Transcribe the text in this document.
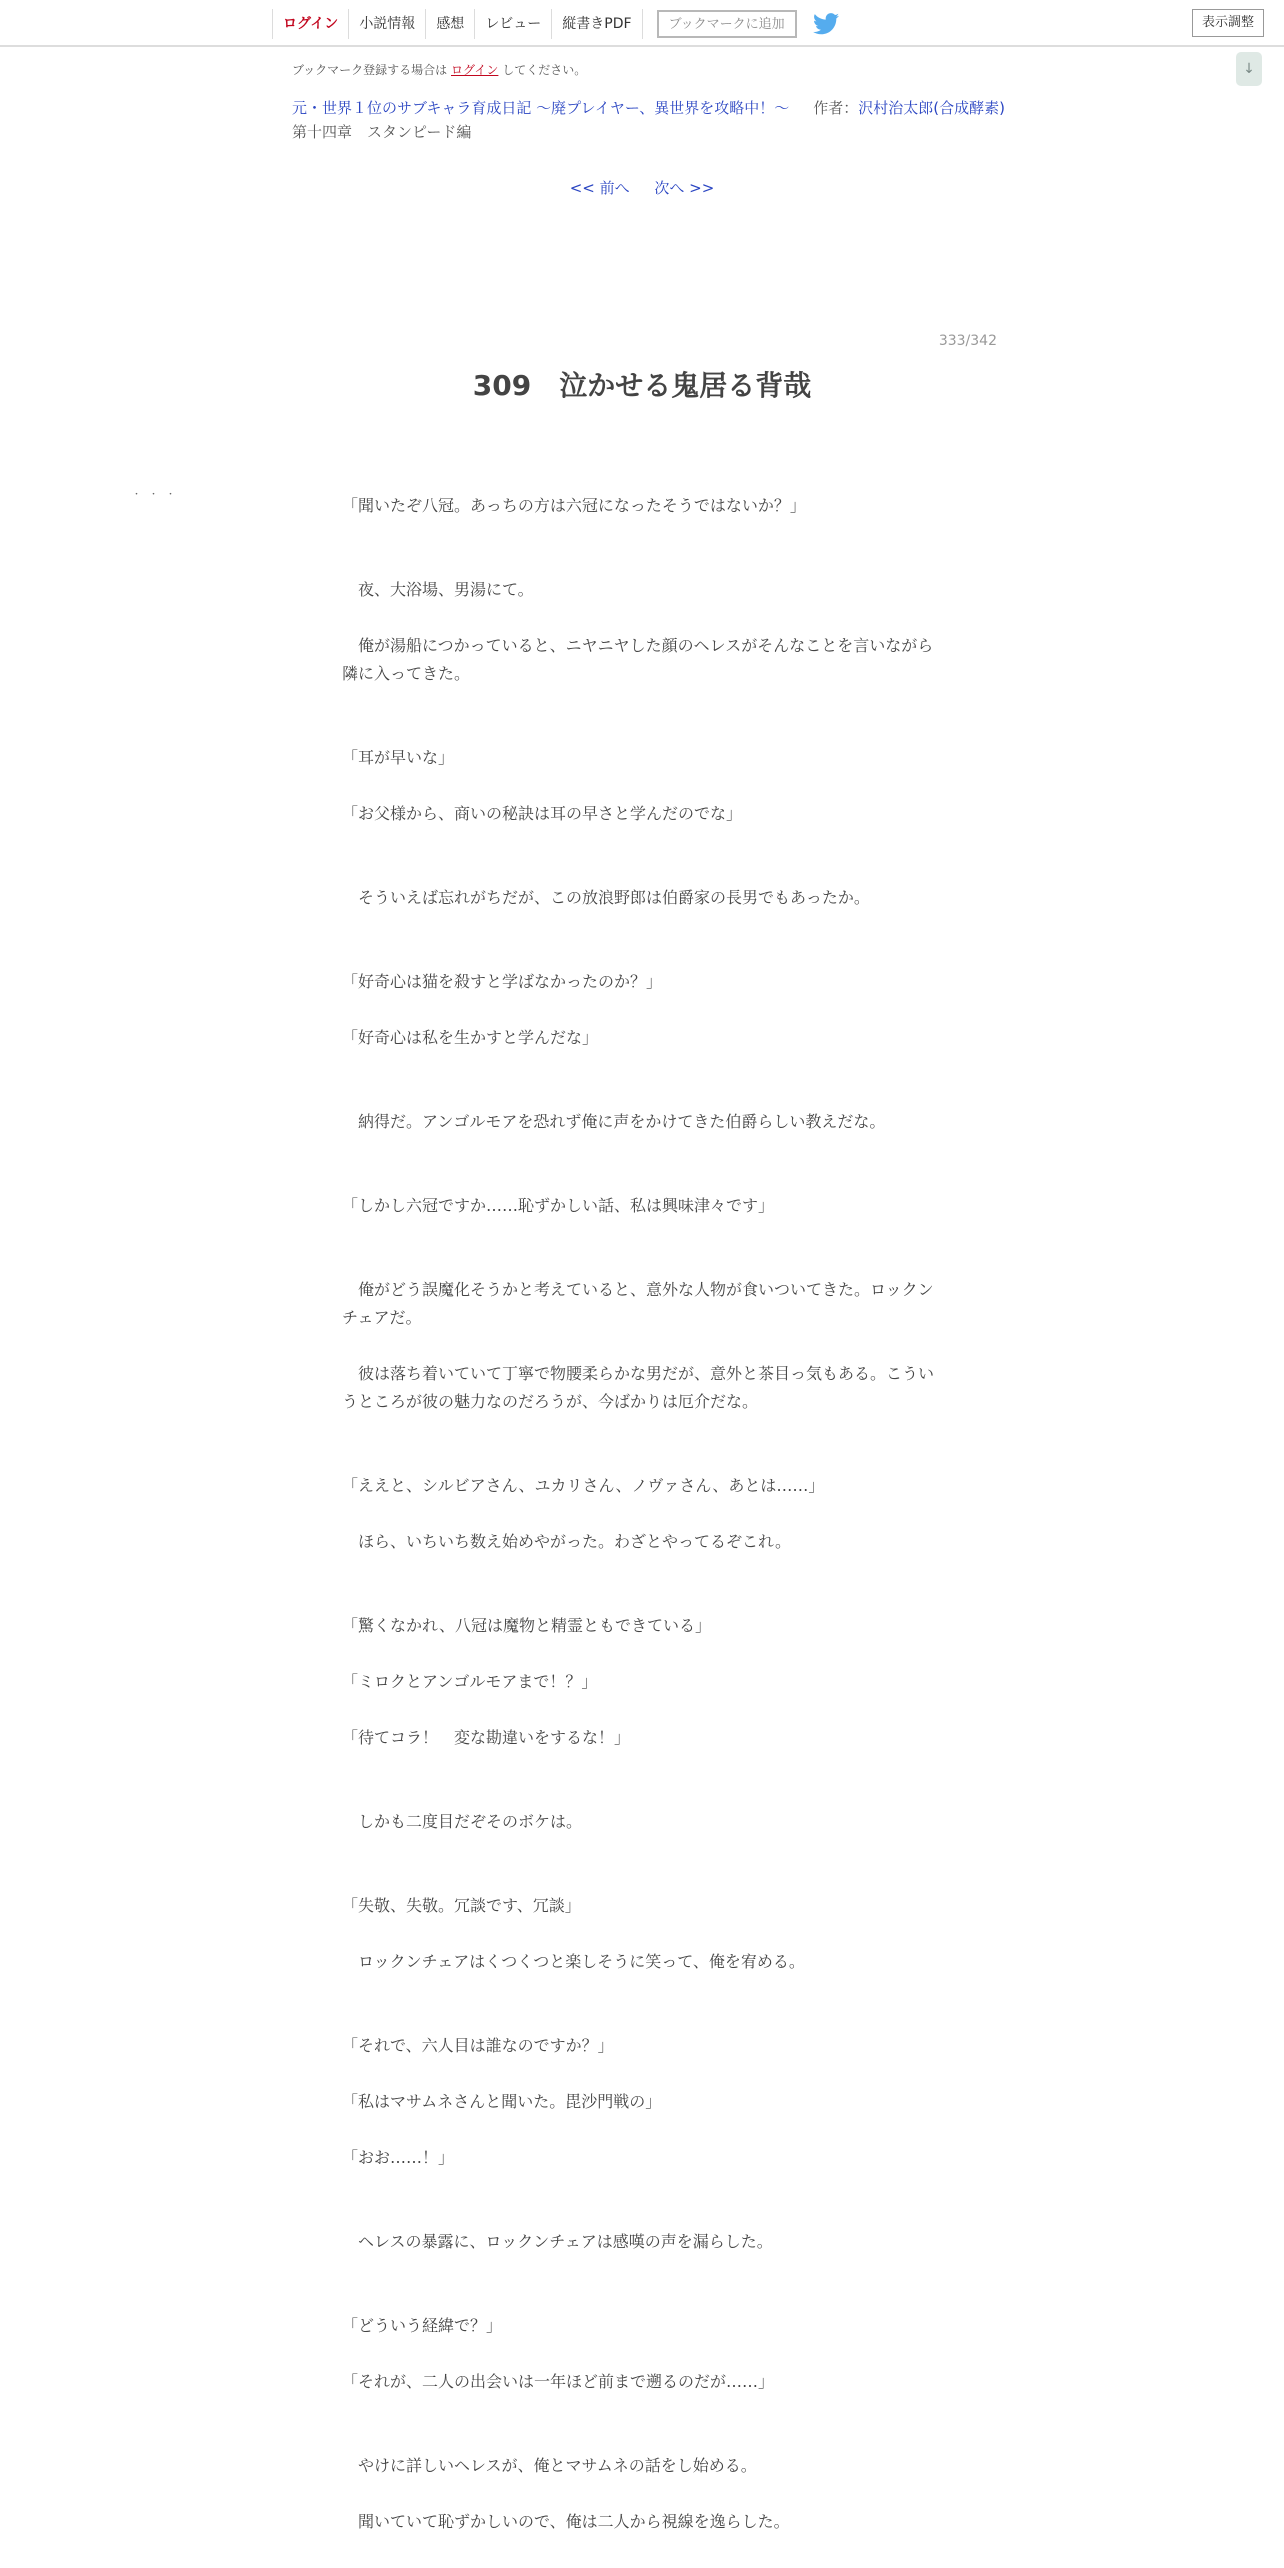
ログイン	小説情報	感想	レビュー	縦書きPDF	ブックマークに追加	表示調整
↓
ブックマーク登録する場合は ログイン してください。
元・世界１位のサブキャラ育成日記 ～廃プレイヤー、異世界を攻略中！～ 作者：沢村治太郎(合成酵素)
第十四章　スタンピード編
<< 前へ 次へ >>
333/342
309　泣かせる鬼居る背哉
・・・

「聞いたぞ八冠。あっちの方は六冠になったそうではないか？」

　夜、大浴場、男湯にて。

　俺が湯船につかっていると、ニヤニヤした顔のヘレスがそんなことを言いながら隣に入ってきた。

「耳が早いな」

「お父様から、商いの秘訣は耳の早さと学んだのでな」

　そういえば忘れがちだが、この放浪野郎は伯爵家の長男でもあったか。

「好奇心は猫を殺すと学ばなかったのか？」

「好奇心は私を生かすと学んだな」

　納得だ。アンゴルモアを恐れず俺に声をかけてきた伯爵らしい教えだな。

「しかし六冠ですか……恥ずかしい話、私は興味津々です」

　俺がどう誤魔化そうかと考えていると、意外な人物が食いついてきた。ロックンチェアだ。

　彼は落ち着いていて丁寧で物腰柔らかな男だが、意外と茶目っ気もある。こういうところが彼の魅力なのだろうが、今ばかりは厄介だな。

「ええと、シルビアさん、ユカリさん、ノヴァさん、あとは……」

　ほら、いちいち数え始めやがった。わざとやってるぞこれ。

「驚くなかれ、八冠は魔物と精霊ともできている」

「ミロクとアンゴルモアまで！？」

「待てコラ！　変な勘違いをするな！」

　しかも二度目だぞそのボケは。

「失敬、失敬。冗談です、冗談」

　ロックンチェアはくつくつと楽しそうに笑って、俺を宥める。

「それで、六人目は誰なのですか？」

「私はマサムネさんと聞いた。毘沙門戦の」

「おお……！」

　ヘレスの暴露に、ロックンチェアは感嘆の声を漏らした。

「どういう経緯で？」

「それが、二人の出会いは一年ほど前まで遡るのだが……」

　やけに詳しいヘレスが、俺とマサムネの話をし始める。

　聞いていて恥ずかしいので、俺は二人から視線を逸らした。
